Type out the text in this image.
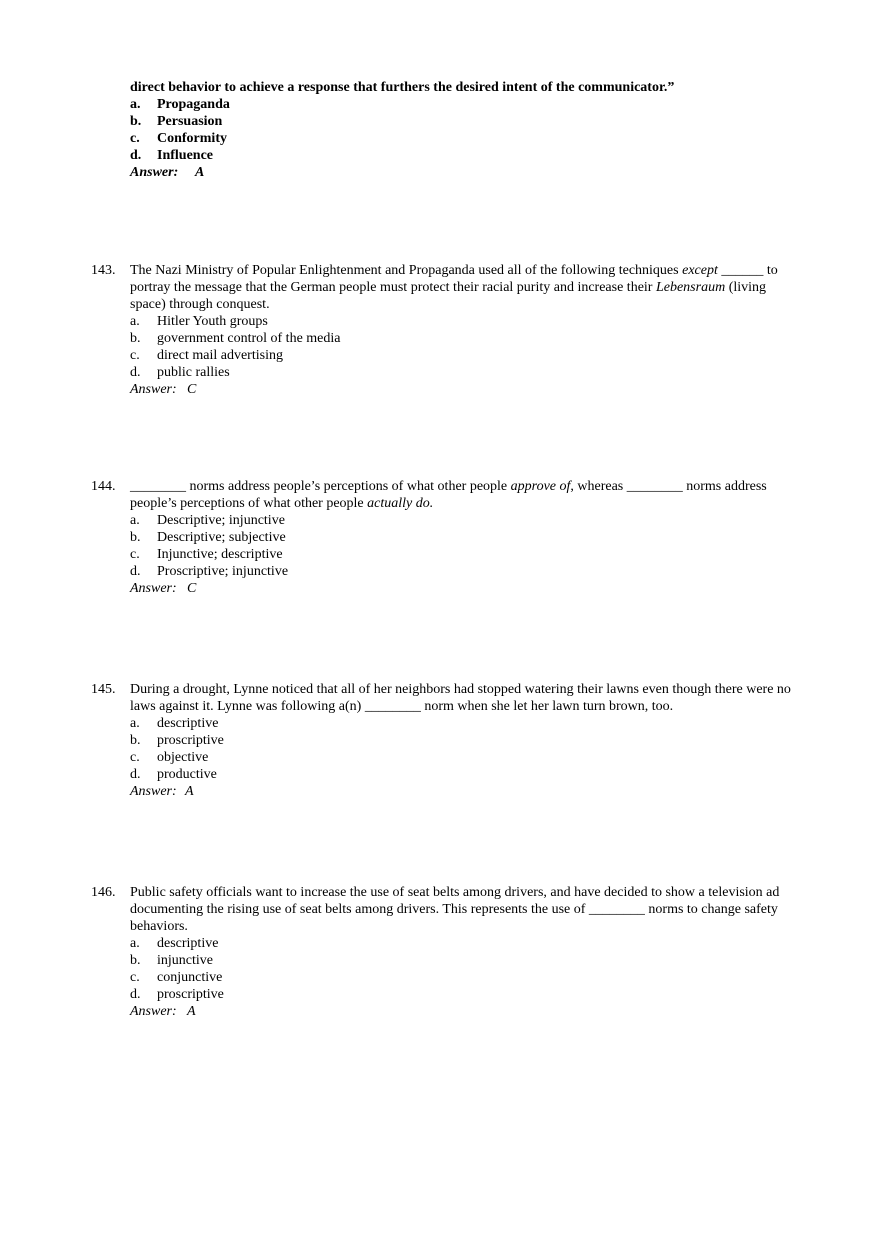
direct behavior to achieve a response that furthers the desired intent of the communicator.”
a.	Propaganda
b.	Persuasion
c.	Conformity
d.	Influence
Answer: A
143. The Nazi Ministry of Popular Enlightenment and Propaganda used all of the following techniques except ______ to portray the message that the German people must protect their racial purity and increase their Lebensraum (living space) through conquest.
a.	Hitler Youth groups
b.	government control of the media
c.	direct mail advertising
d.	public rallies
Answer: C
144. ________ norms address people’s perceptions of what other people approve of, whereas ________ norms address people’s perceptions of what other people actually do.
a.	Descriptive; injunctive
b.	Descriptive; subjective
c.	Injunctive; descriptive
d.	Proscriptive; injunctive
Answer: C
145. During a drought, Lynne noticed that all of her neighbors had stopped watering their lawns even though there were no laws against it. Lynne was following a(n) ________ norm when she let her lawn turn brown, too.
a.	descriptive
b.	proscriptive
c.	objective
d.	productive
Answer: A
146. Public safety officials want to increase the use of seat belts among drivers, and have decided to show a television ad documenting the rising use of seat belts among drivers. This represents the use of ________ norms to change safety behaviors.
a.	descriptive
b.	injunctive
c.	conjunctive
d.	proscriptive
Answer: A
